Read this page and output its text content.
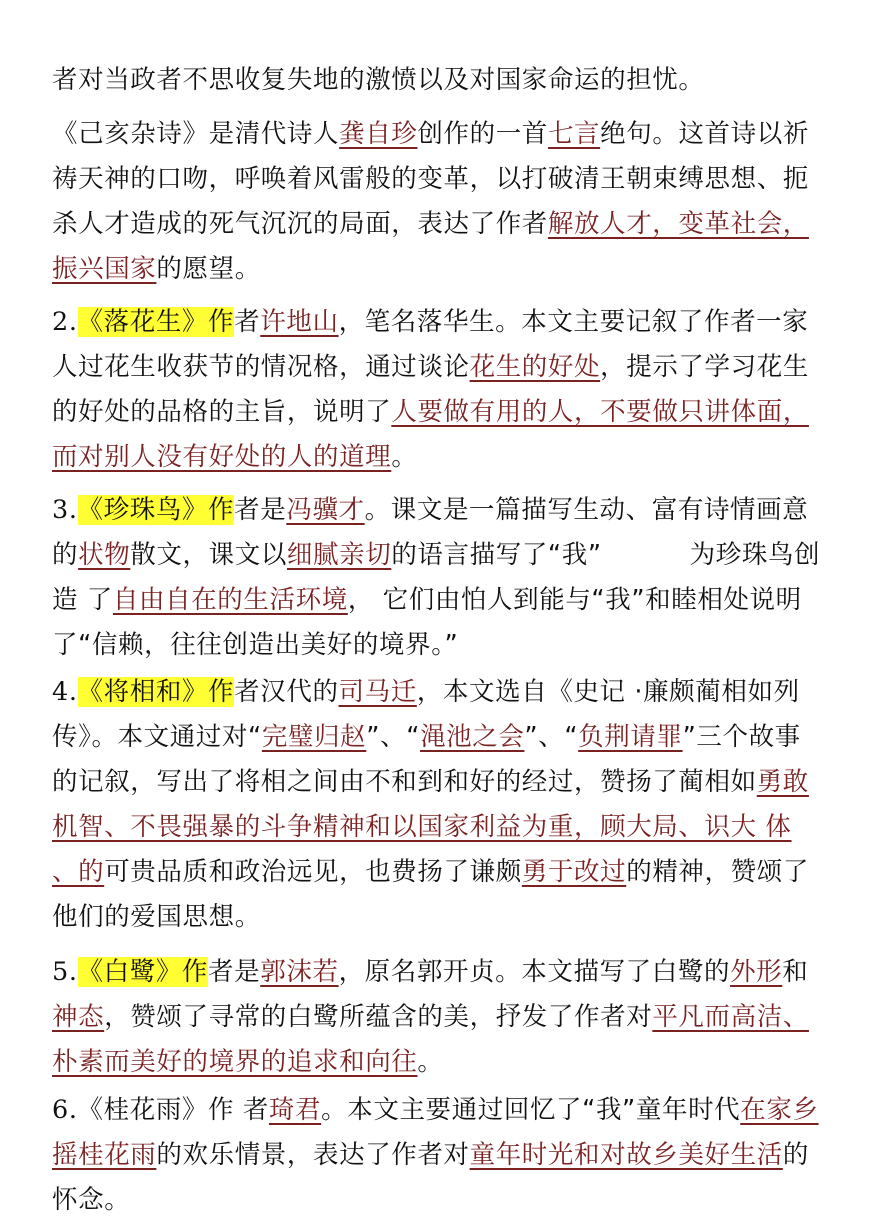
者对当政者不思收复失地的激愤以及对国家命运的担忧。

《己亥杂诗》是清代诗人龚自珍创作的一首七言绝句。这首诗以祈祷天神的口吻，呼唤着风雷般的变革，以打破清王朝束缚思想、扼杀人才造成的死气沉沉的局面，表达了作者解放人才，变革社会，振兴国家的愿望。

2.《落花生》作者许地山，笔名落华生。本文主要记叙了作者一家人过花生收获节的情况格，通过谈论花生的好处，提示了学习花生的好处的品格的主旨，说明了人要做有用的人，不要做只讲体面，而对别人没有好处的人的道理。

3.《珍珠鸟》作者是冯骥才。课文是一篇描写生动、富有诗情画意的状物散文，课文以细腻亲切的语言描写了“我”	为珍珠鸟创造 了自由自在的生活环境， 它们由怕人到能与“我”和睦相处说明了“信赖，往往创造出美好的境界。”

4.《将相和》作者汉代的司马迁，本文选自《史记 ·廉颇蔺相如列传》。本文通过对“完璧归赵”、“渑池之会”、“负荆请罪”三个故事的记叙，写出了将相之间由不和到和好的经过，赞扬了蔺相如勇敢机智、不畏强暴的斗争精神和以国家利益为重，顾大局、识大 体 、的可贵品质和政治远见，也费扬了谦颇勇于改过的精神，赞颂了他们的爱国思想。

5.《白鹭》作者是郭沫若，原名郭开贞。本文描写了白鹭的外形和神态，赞颂了寻常的白鹭所蕴含的美，抒发了作者对平凡而高洁、朴素而美好的境界的追求和向往。

6.《桂花雨》作 者琦君。本文主要通过回忆了“我”童年时代在家乡摇桂花雨的欢乐情景，表达了作者对童年时光和对故乡美好生活的怀念。
